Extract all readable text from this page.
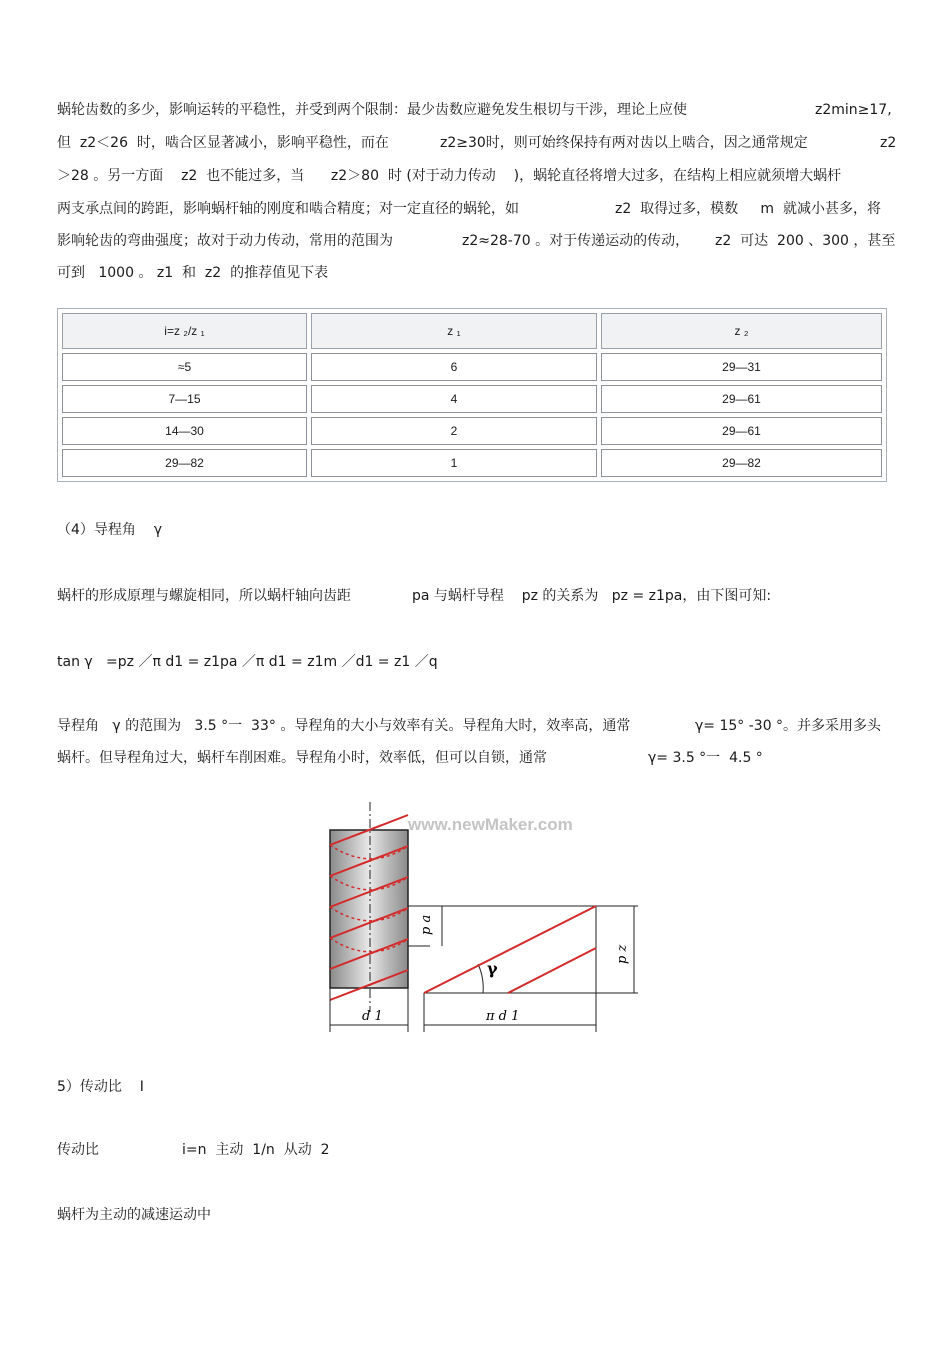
蜗轮齿数的多少，影响运转的平稳性，并受到两个限制：最少齿数应避免发生根切与干涉，理论上应使	z2min≥17,
但  z2＜26  时，啮合区显著减小，影响平稳性，而在	z2≥30时，则可始终保持有两对齿以上啮合，因之通常规定	z2
＞28 。另一方面    z2  也不能过多，当      z2＞80  时 (对于动力传动    )，蜗轮直径将增大过多，在结构上相应就须增大蜗杆
两支承点间的跨距，影响蜗杆轴的刚度和啮合精度；对一定直径的蜗轮，如	z2  取得过多，模数     m  就减小甚多，将
影响轮齿的弯曲强度；故对于动力传动，常用的范围为	z2≈28-70 。对于传递运动的传动， z2  可达  200 、300 ，甚至
可到   1000 。 z1  和  z2  的推荐值见下表
i=z ₂/z ₁	z ₁	z ₂
≈5	6	29—31
7—15	4	29—61
14—30	2	29—61
29—82	1	29—82
（4）导程角    γ
蜗杆的形成原理与螺旋相同，所以蜗杆轴向齿距	pa 与蜗杆导程    pz 的关系为   pz = z1pa，由下图可知:
tan γ   =pz ／π d1 = z1pa ／π d1 = z1m ／d1 = z1 ／q
导程角   γ 的范围为   3.5 °一  33° 。导程角的大小与效率有关。导程角大时，效率高，通常	γ= 15° -30 °。并多采用多头
蜗杆。但导程角过大，蜗杆车削困难。导程角小时，效率低，但可以自锁，通常	γ= 3.5 °一  4.5 °
www.newMaker.com
p a
γ
p z
d 1	π d 1
5）传动比    I
传动比	i=n  主动  1/n  从动  2
蜗杆为主动的减速运动中
